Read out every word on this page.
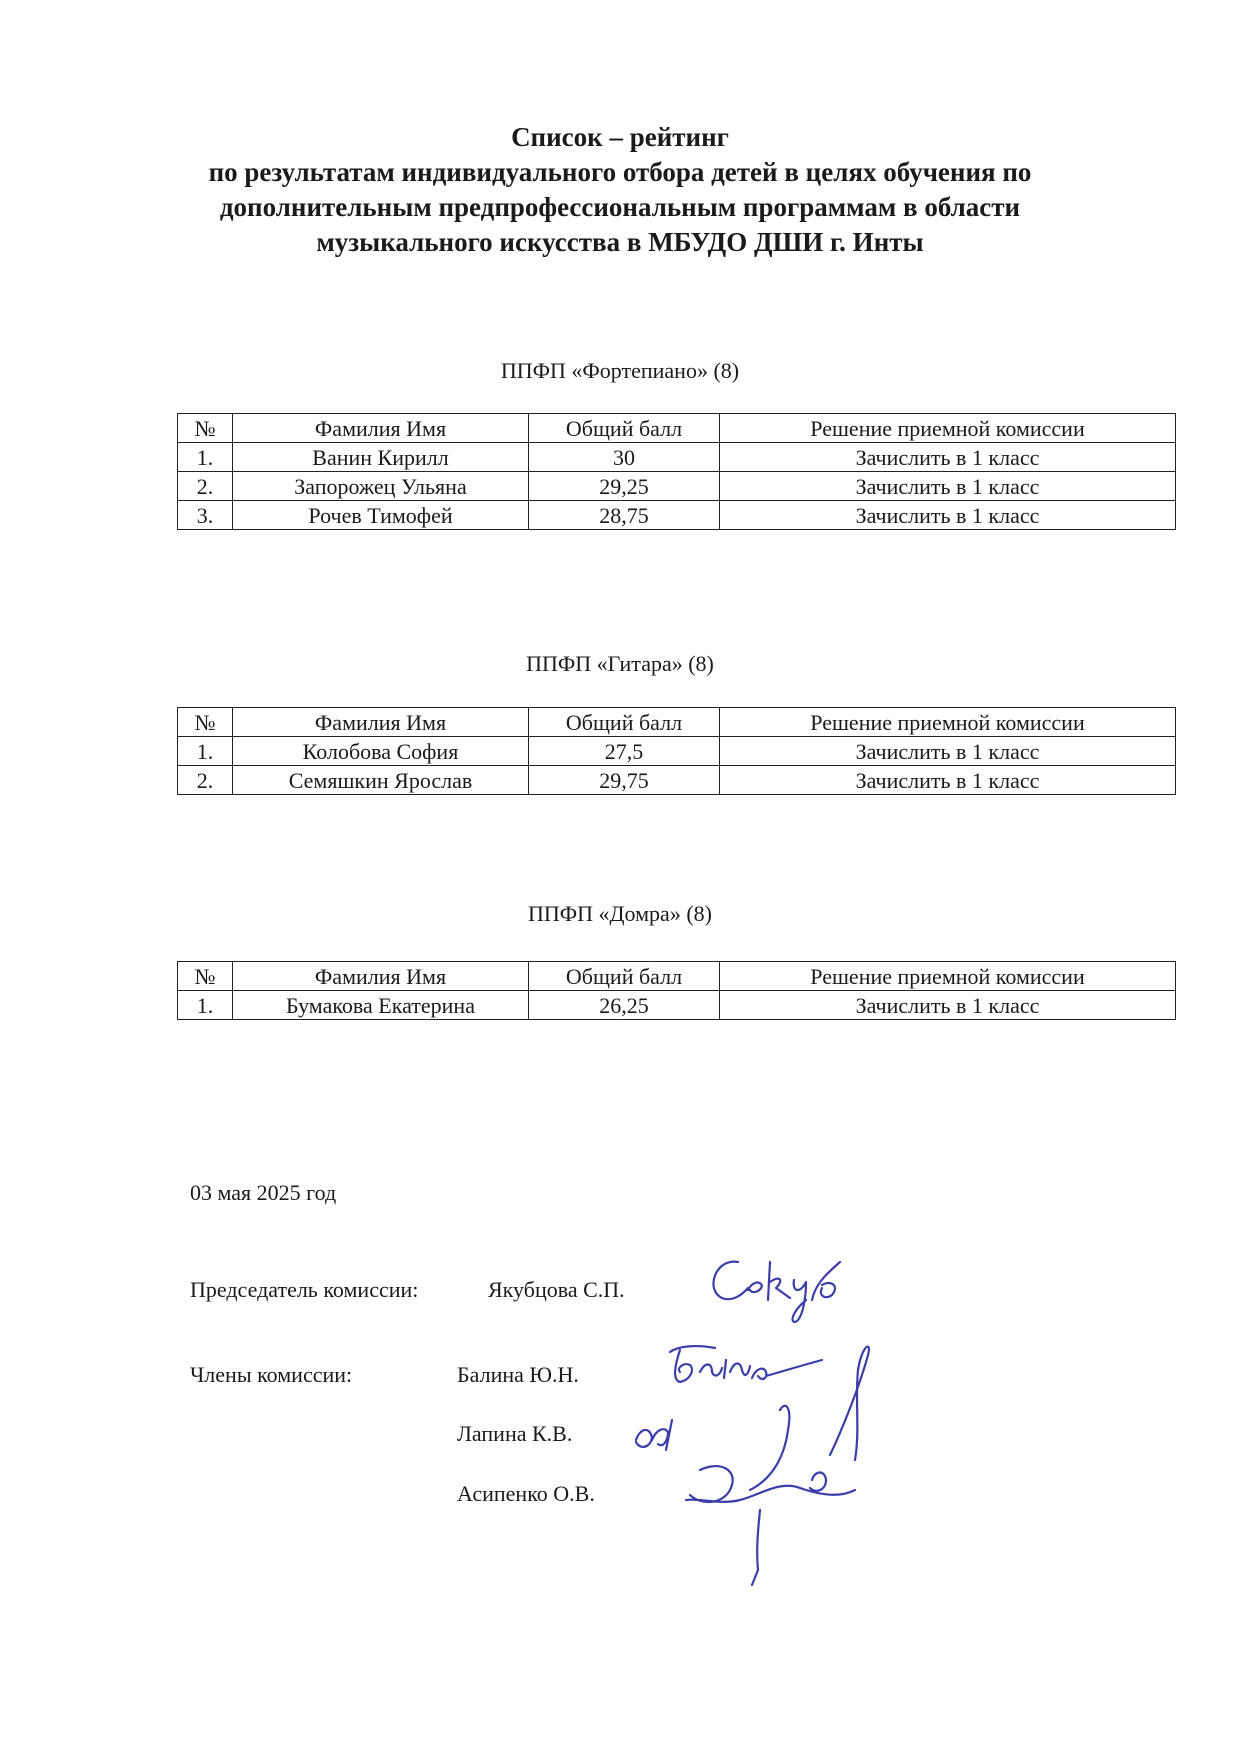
Список – рейтинг
по результатам индивидуального отбора детей в целях обучения по
дополнительным предпрофессиональным программам в области
музыкального искусства в МБУДО ДШИ г. Инты
ППФП «Фортепиано» (8)
№	Фамилия Имя	Общий балл	Решение приемной комиссии
1.	Ванин Кирилл	30	Зачислить в 1 класс
2.	Запорожец Ульяна	29,25	Зачислить в 1 класс
3.	Рочев Тимофей	28,75	Зачислить в 1 класс
ППФП «Гитара» (8)
№	Фамилия Имя	Общий балл	Решение приемной комиссии
1.	Колобова София	27,5	Зачислить в 1 класс
2.	Семяшкин Ярослав	29,75	Зачислить в 1 класс
ППФП «Домра» (8)
№	Фамилия Имя	Общий балл	Решение приемной комиссии
1.	Бумакова Екатерина	26,25	Зачислить в 1 класс
03 мая 2025 год
Председатель комиссии:	Якубцова С.П.
Члены комиссии:	Балина Ю.Н.
Лапина К.В.
Асипенко О.В.
